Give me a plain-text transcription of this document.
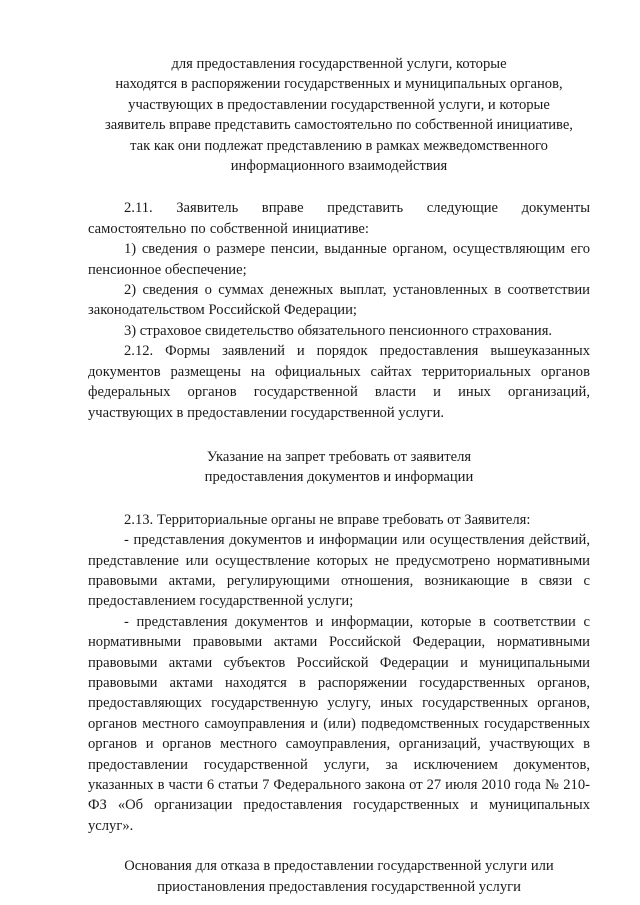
для предоставления государственной услуги, которые
находятся в распоряжении государственных и муниципальных органов,
участвующих в предоставлении государственной услуги, и которые
заявитель вправе представить самостоятельно по собственной инициативе,
так как они подлежат представлению в рамках межведомственного
информационного взаимодействия

2.11. Заявитель вправе представить следующие документы самостоятельно по собственной инициативе:

1) сведения о размере пенсии, выданные органом, осуществляющим его пенсионное обеспечение;

2) сведения о суммах денежных выплат, установленных в соответствии законодательством Российской Федерации;

3) страховое свидетельство обязательного пенсионного страхования.

2.12. Формы заявлений и порядок предоставления вышеуказанных документов размещены на официальных сайтах территориальных органов федеральных органов государственной власти и иных организаций, участвующих в предоставлении государственной услуги.

Указание на запрет требовать от заявителя
предоставления документов и информации

2.13. Территориальные органы не вправе требовать от Заявителя:

- представления документов и информации или осуществления действий, представление или осуществление которых не предусмотрено нормативными правовыми актами, регулирующими отношения, возникающие в связи с предоставлением государственной услуги;

- представления документов и информации, которые в соответствии с нормативными правовыми актами Российской Федерации, нормативными правовыми актами субъектов Российской Федерации и муниципальными правовыми актами находятся в распоряжении государственных органов, предоставляющих государственную услугу, иных государственных органов, органов местного самоуправления и (или) подведомственных государственных органов и органов местного самоуправления, организаций, участвующих в предоставлении государственной услуги, за исключением документов, указанных в части 6 статьи 7 Федерального закона от 27 июля 2010 года № 210-ФЗ «Об организации предоставления государственных и муниципальных услуг».

Основания для отказа в предоставлении государственной услуги или
приостановления предоставления государственной услуги
